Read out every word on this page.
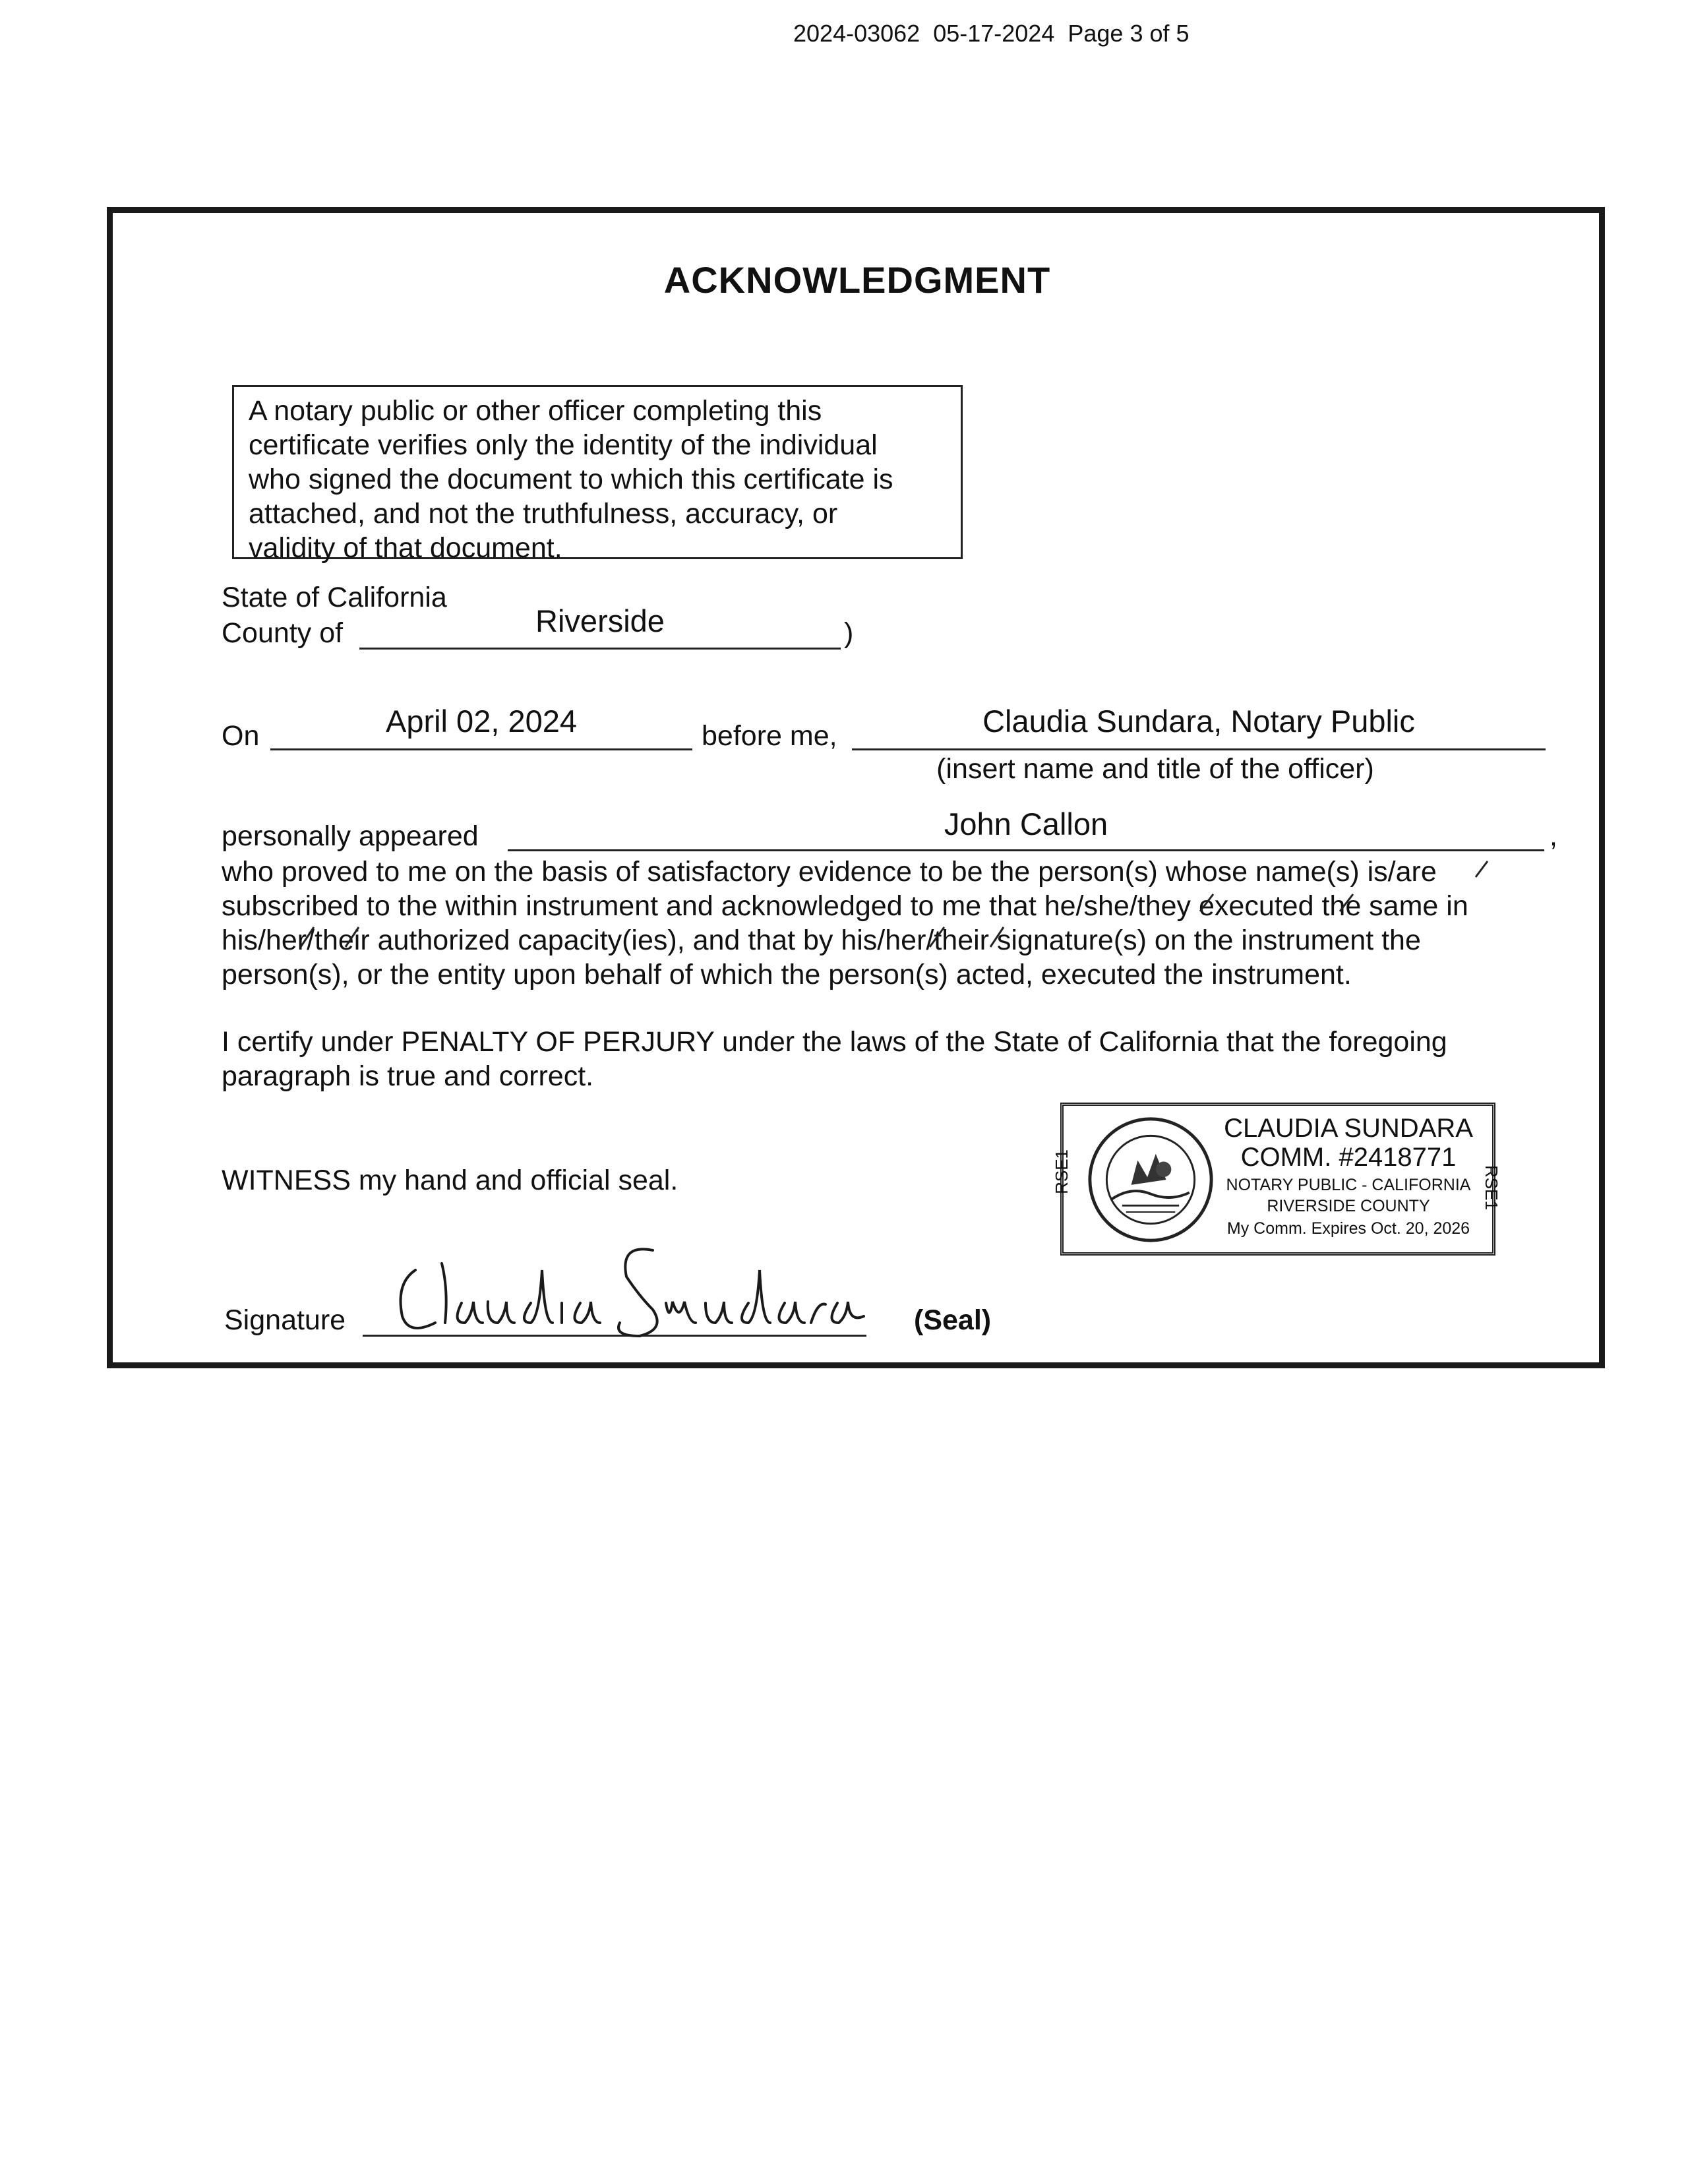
2024-03062 05-17-2024 Page 3 of 5
ACKNOWLEDGMENT
A notary public or other officer completing this
certificate verifies only the identity of the individual
who signed the document to which this certificate is
attached, and not the truthfulness, accuracy, or
validity of that document.
State of California
County of	Riverside	)
On	April 02, 2024	before me,	Claudia Sundara, Notary Public
(insert name and title of the officer)
personally appeared	John Callon	,
who proved to me on the basis of satisfactory evidence to be the person(s) whose name(s) is/are
subscribed to the within instrument and acknowledged to me that he/she/they executed the same in
his/her/their authorized capacity(ies), and that by his/her/their signature(s) on the instrument the
person(s), or the entity upon behalf of which the person(s) acted, executed the instrument.
I certify under PENALTY OF PERJURY under the laws of the State of California that the foregoing
paragraph is true and correct.
WITNESS my hand and official seal.	RSE1	RSE1
CLAUDIA SUNDARA
COMM. #2418771
NOTARY PUBLIC - CALIFORNIA
RIVERSIDE COUNTY
My Comm. Expires Oct. 20, 2026
Signature	(Seal)
